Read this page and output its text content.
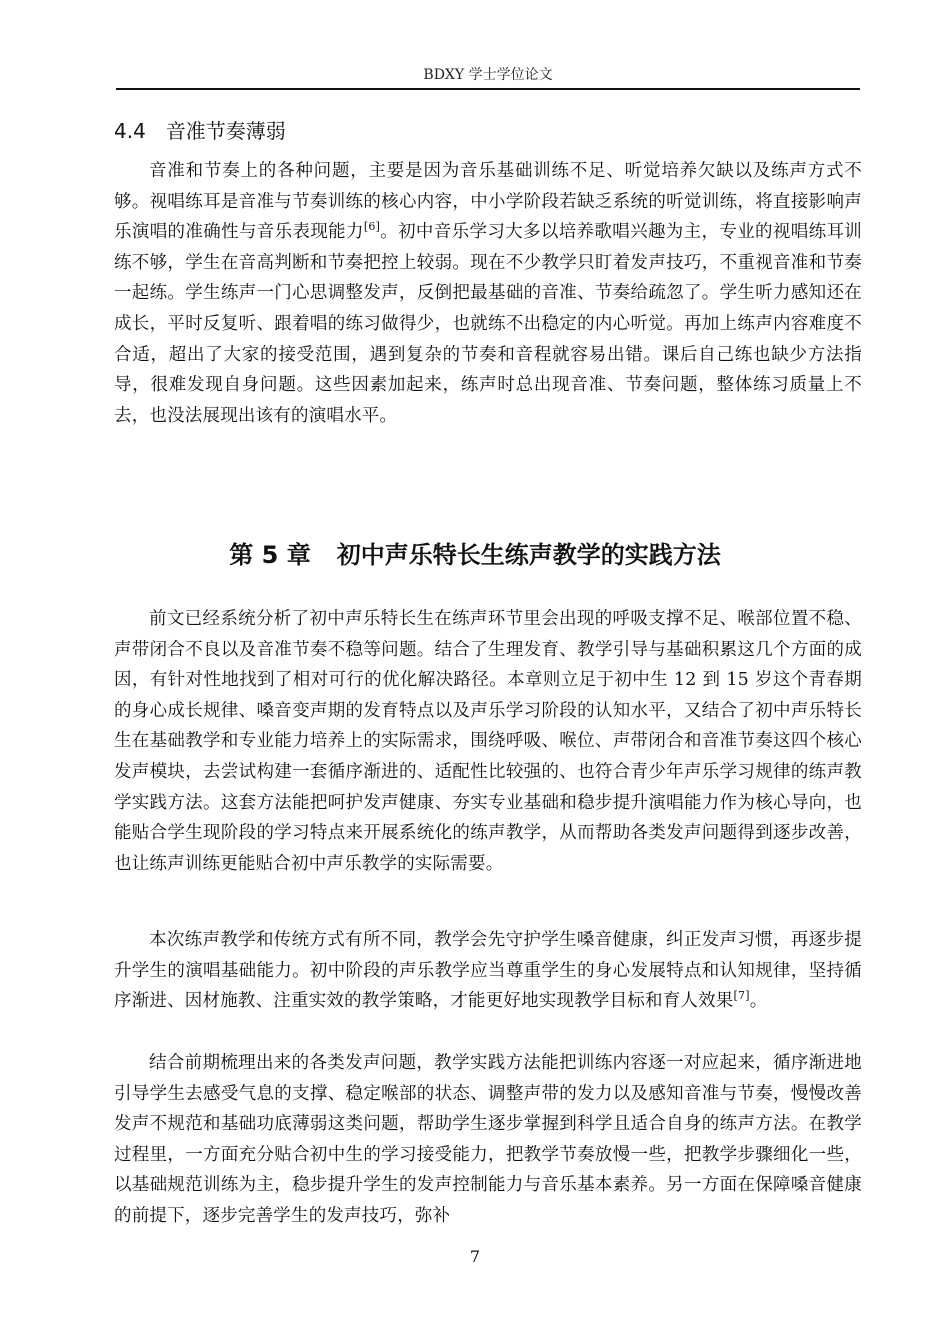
BDXY 学士学位论文
4.4 音准节奏薄弱

音准和节奏上的各种问题，主要是因为音乐基础训练不足、听觉培养欠缺以及练声方式不够。视唱练耳是音准与节奏训练的核心内容，中小学阶段若缺乏系统的听觉训练，将直接影响声乐演唱的准确性与音乐表现能力[6]。初中音乐学习大多以培养歌唱兴趣为主，专业的视唱练耳训练不够，学生在音高判断和节奏把控上较弱。现在不少教学只盯着发声技巧，不重视音准和节奏一起练。学生练声一门心思调整发声，反倒把最基础的音准、节奏给疏忽了。学生听力感知还在成长，平时反复听、跟着唱的练习做得少，也就练不出稳定的内心听觉。再加上练声内容难度不合适，超出了大家的接受范围，遇到复杂的节奏和音程就容易出错。课后自己练也缺少方法指导，很难发现自身问题。这些因素加起来，练声时总出现音准、节奏问题，整体练习质量上不去，也没法展现出该有的演唱水平。

第 5 章 初中声乐特长生练声教学的实践方法

前文已经系统分析了初中声乐特长生在练声环节里会出现的呼吸支撑不足、喉部位置不稳、声带闭合不良以及音准节奏不稳等问题。结合了生理发育、教学引导与基础积累这几个方面的成因，有针对性地找到了相对可行的优化解决路径。本章则立足于初中生 12 到 15 岁这个青春期的身心成长规律、嗓音变声期的发育特点以及声乐学习阶段的认知水平，又结合了初中声乐特长生在基础教学和专业能力培养上的实际需求，围绕呼吸、喉位、声带闭合和音准节奏这四个核心发声模块，去尝试构建一套循序渐进的、适配性比较强的、也符合青少年声乐学习规律的练声教学实践方法。这套方法能把呵护发声健康、夯实专业基础和稳步提升演唱能力作为核心导向，也能贴合学生现阶段的学习特点来开展系统化的练声教学，从而帮助各类发声问题得到逐步改善，也让练声训练更能贴合初中声乐教学的实际需要。

本次练声教学和传统方式有所不同，教学会先守护学生嗓音健康，纠正发声习惯，再逐步提升学生的演唱基础能力。初中阶段的声乐教学应当尊重学生的身心发展特点和认知规律，坚持循序渐进、因材施教、注重实效的教学策略，才能更好地实现教学目标和育人效果[7]。

结合前期梳理出来的各类发声问题，教学实践方法能把训练内容逐一对应起来，循序渐进地引导学生去感受气息的支撑、稳定喉部的状态、调整声带的发力以及感知音准与节奏，慢慢改善发声不规范和基础功底薄弱这类问题，帮助学生逐步掌握到科学且适合自身的练声方法。在教学过程里，一方面充分贴合初中生的学习接受能力，把教学节奏放慢一些，把教学步骤细化一些，以基础规范训练为主，稳步提升学生的发声控制能力与音乐基本素养。另一方面在保障嗓音健康的前提下，逐步完善学生的发声技巧，弥补

7
